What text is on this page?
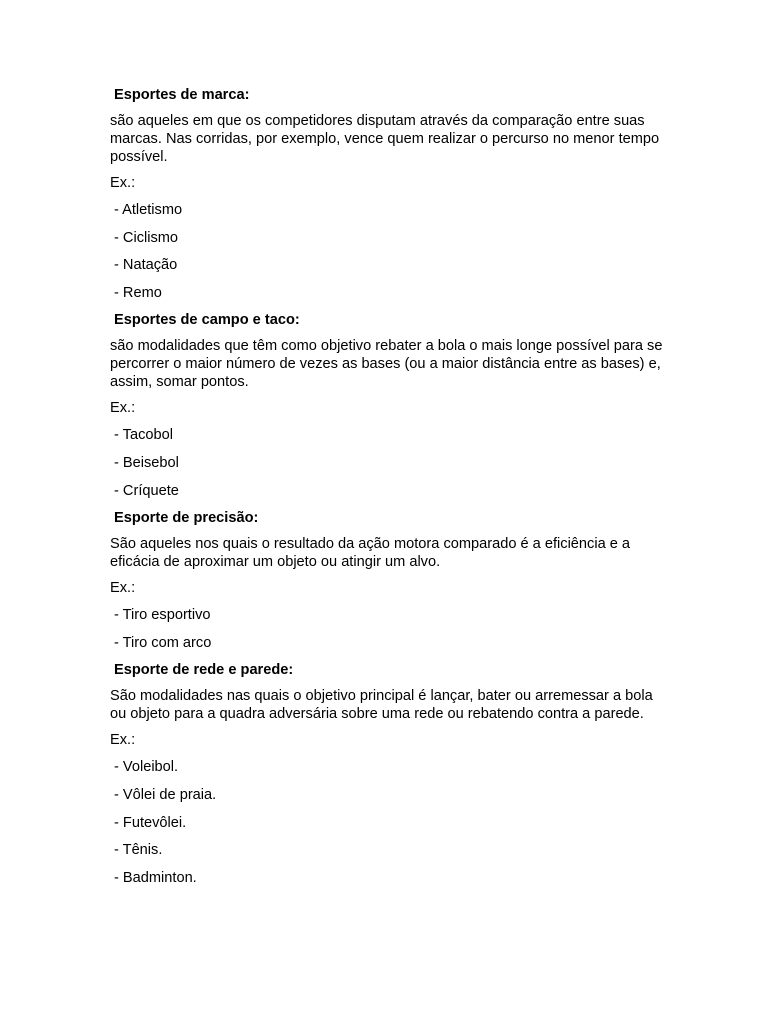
Esportes de marca:

são aqueles em que os competidores disputam através da comparação entre suas marcas. Nas corridas, por exemplo, vence quem realizar o percurso no menor tempo possível.

Ex.:

- Atletismo
- Ciclismo
- Natação
- Remo

Esportes de campo e taco:

são modalidades que têm como objetivo rebater a bola o mais longe possível para se percorrer o maior número de vezes as bases (ou a maior distância entre as bases) e, assim, somar pontos.

Ex.:

- Tacobol
- Beisebol
- Críquete

Esporte de precisão:

São aqueles nos quais o resultado da ação motora comparado é a eficiência e a eficácia de aproximar um objeto ou atingir um alvo.

Ex.:

- Tiro esportivo
- Tiro com arco

Esporte de rede e parede:

São modalidades nas quais o objetivo principal é lançar, bater ou arremessar a bola ou objeto para a quadra adversária sobre uma rede ou rebatendo contra a parede.

Ex.:

- Voleibol.
- Vôlei de praia.
- Futevôlei.
- Tênis.
- Badminton.
